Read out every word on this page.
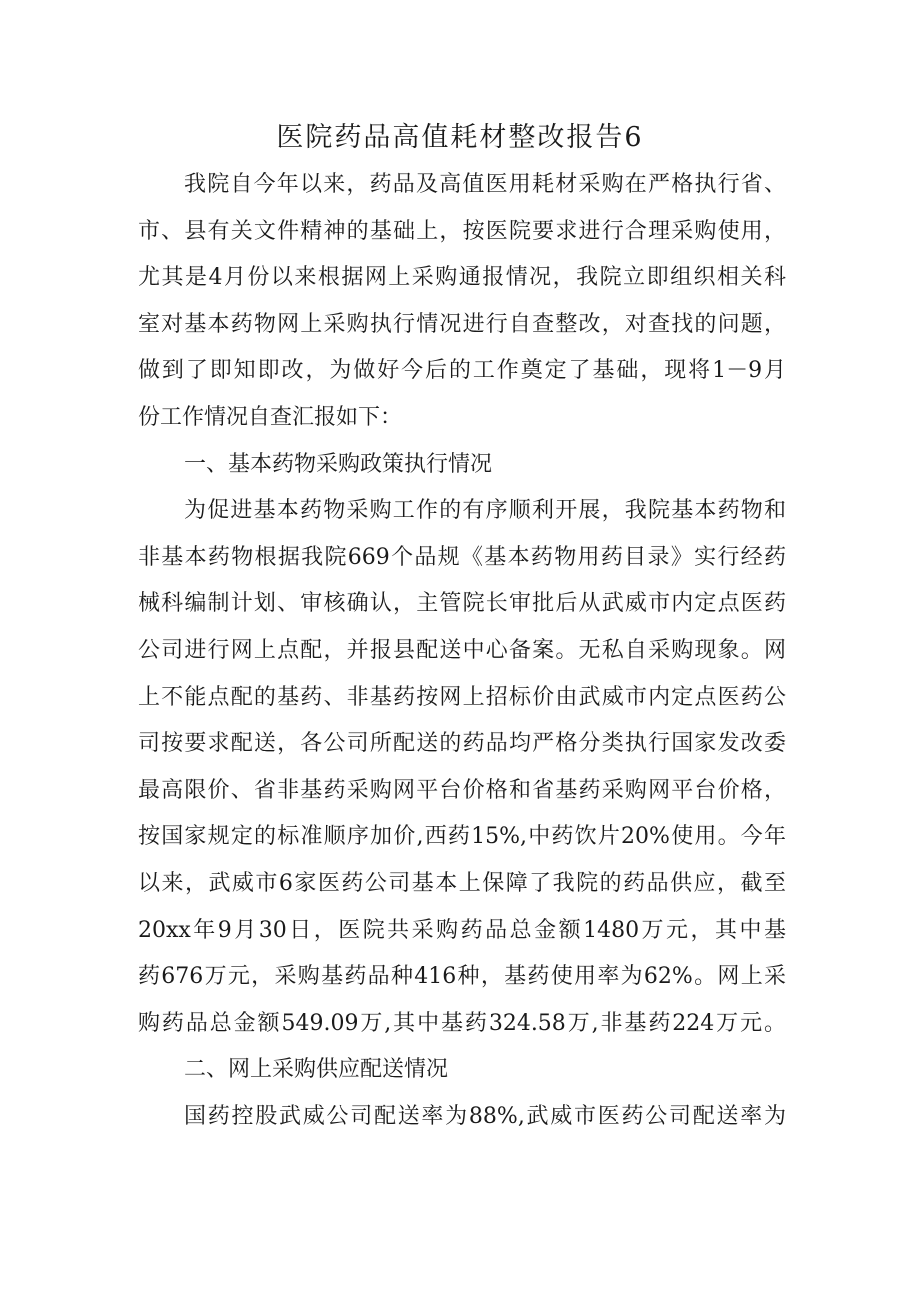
医院药品高值耗材整改报告6
我院自今年以来，药品及高值医用耗材采购在严格执行省、
市、县有关文件精神的基础上，按医院要求进行合理采购使用，
尤其是4月份以来根据网上采购通报情况，我院立即组织相关科
室对基本药物网上采购执行情况进行自查整改，对查找的问题，
做到了即知即改，为做好今后的工作奠定了基础，现将1－9月
份工作情况自查汇报如下：
一、基本药物采购政策执行情况
为促进基本药物采购工作的有序顺利开展，我院基本药物和
非基本药物根据我院669个品规《基本药物用药目录》实行经药
械科编制计划、审核确认，主管院长审批后从武威市内定点医药
公司进行网上点配，并报县配送中心备案。无私自采购现象。网
上不能点配的基药、非基药按网上招标价由武威市内定点医药公
司按要求配送，各公司所配送的药品均严格分类执行国家发改委
最高限价、省非基药采购网平台价格和省基药采购网平台价格，
按国家规定的标准顺序加价,西药15%,中药饮片20%使用。今年
以来，武威市6家医药公司基本上保障了我院的药品供应，截至
20xx年9月30日，医院共采购药品总金额1480万元，其中基
药676万元，采购基药品种416种，基药使用率为62%。网上采
购药品总金额549.09万,其中基药324.58万,非基药224万元。
二、网上采购供应配送情况
国药控股武威公司配送率为88%,武威市医药公司配送率为
